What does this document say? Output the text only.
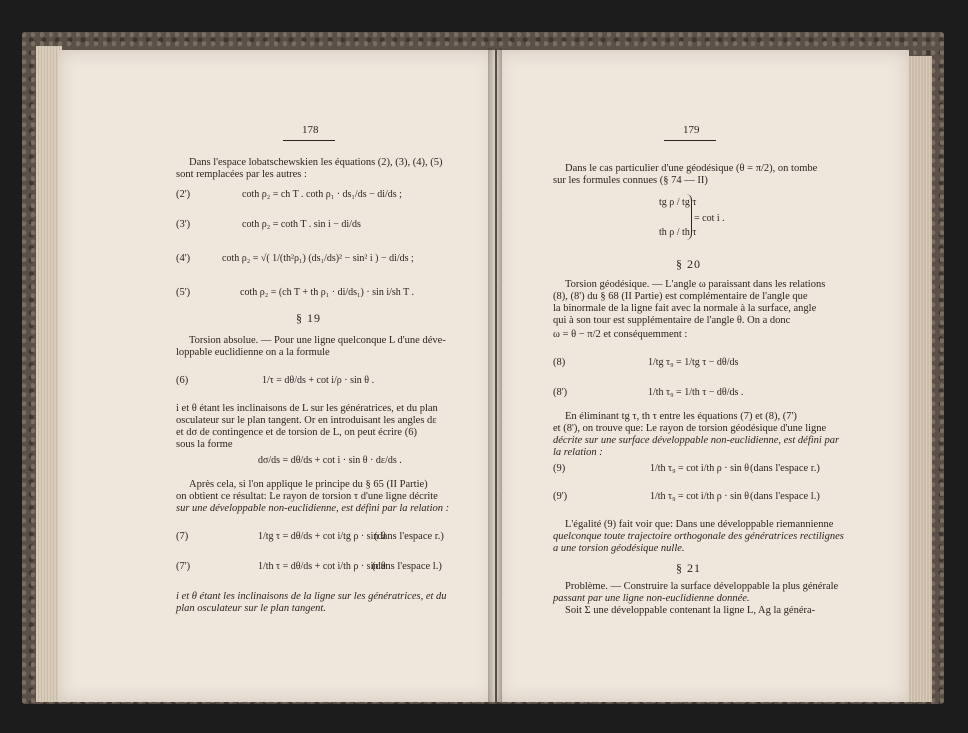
178
Dans l'espace lobatschewskien les équations (2), (3), (4), (5)
sont remplacées par les autres :
(2')	coth ρ₂ = ch T . coth ρ₁ · ds₁/ds − di/ds ;
(3')	coth ρ₂ = coth T . sin i − di/ds
(4')	coth ρ₂ = √( 1/(th²ρ₁) (ds₁/ds)² − sin² i ) − di/ds ;
(5')	coth ρ₂ = (ch T + th ρ₁ · di/ds₁) · sin i/sh T .
§ 19
Torsion absolue. — Pour une ligne quelconque L d'une déve-
loppable euclidienne on a la formule
(6)	1/τ = dθ/ds + cot i/ρ · sin θ .
i et θ étant les inclinaisons de L sur les génératrices, et du plan
osculateur sur le plan tangent. Or en introduisant les angles dε
et dσ de contingence et de torsion de L, on peut écrire (6)
sous la forme
dσ/ds = dθ/ds + cot i · sin θ · dε/ds .
Après cela, si l'on applique le principe du § 65 (II Partie)
on obtient ce résultat: Le rayon de torsion τ d'une ligne décrite
sur une développable non-euclidienne, est défini par la relation :
(7)	1/tg τ = dθ/ds + cot i/tg ρ · sin θ
(dans l'espace r.)
(7')	1/th τ = dθ/ds + cot i/th ρ · sin θ
(dans l'espace l.)
i et θ étant les inclinaisons de la ligne sur les génératrices, et du
plan osculateur sur le plan tangent.
179
Dans le cas particulier d'une géodésique (θ = π/2), on tombe
sur les formules connues (§ 74 — II)
tg ρ / tg τ
th ρ / th τ
= cot i .
§ 20
Torsion géodésique. — L'angle ω paraissant dans les relations
(8), (8') du § 68 (II Partie) est complémentaire de l'angle que
la binormale de la ligne fait avec la normale à la surface, angle
qui à son tour est supplémentaire de l'angle θ. On a donc
ω = θ − π/2 et conséquemment :
(8)	1/tg τ₉ = 1/tg τ − dθ/ds
(8')	1/th τ₉ = 1/th τ − dθ/ds .
En éliminant tg τ, th τ entre les équations (7) et (8), (7')
et (8'), on trouve que: Le rayon de torsion géodésique d'une ligne
décrite sur une surface développable non-euclidienne, est défini par
la relation :
(9)	1/th τ₉ = cot i/th ρ · sin θ (dans l'espace r.)
(9')	1/th τ₉ = cot i/th ρ · sin θ (dans l'espace l.)
L'égalité (9) fait voir que: Dans une développable riemannienne
quelconque toute trajectoire orthogonale des génératrices rectilignes
a une torsion géodésique nulle.
§ 21
Problème. — Construire la surface développable la plus générale
passant par une ligne non-euclidienne donnée.
Soit Σ une développable contenant la ligne L, Ag la généra-
